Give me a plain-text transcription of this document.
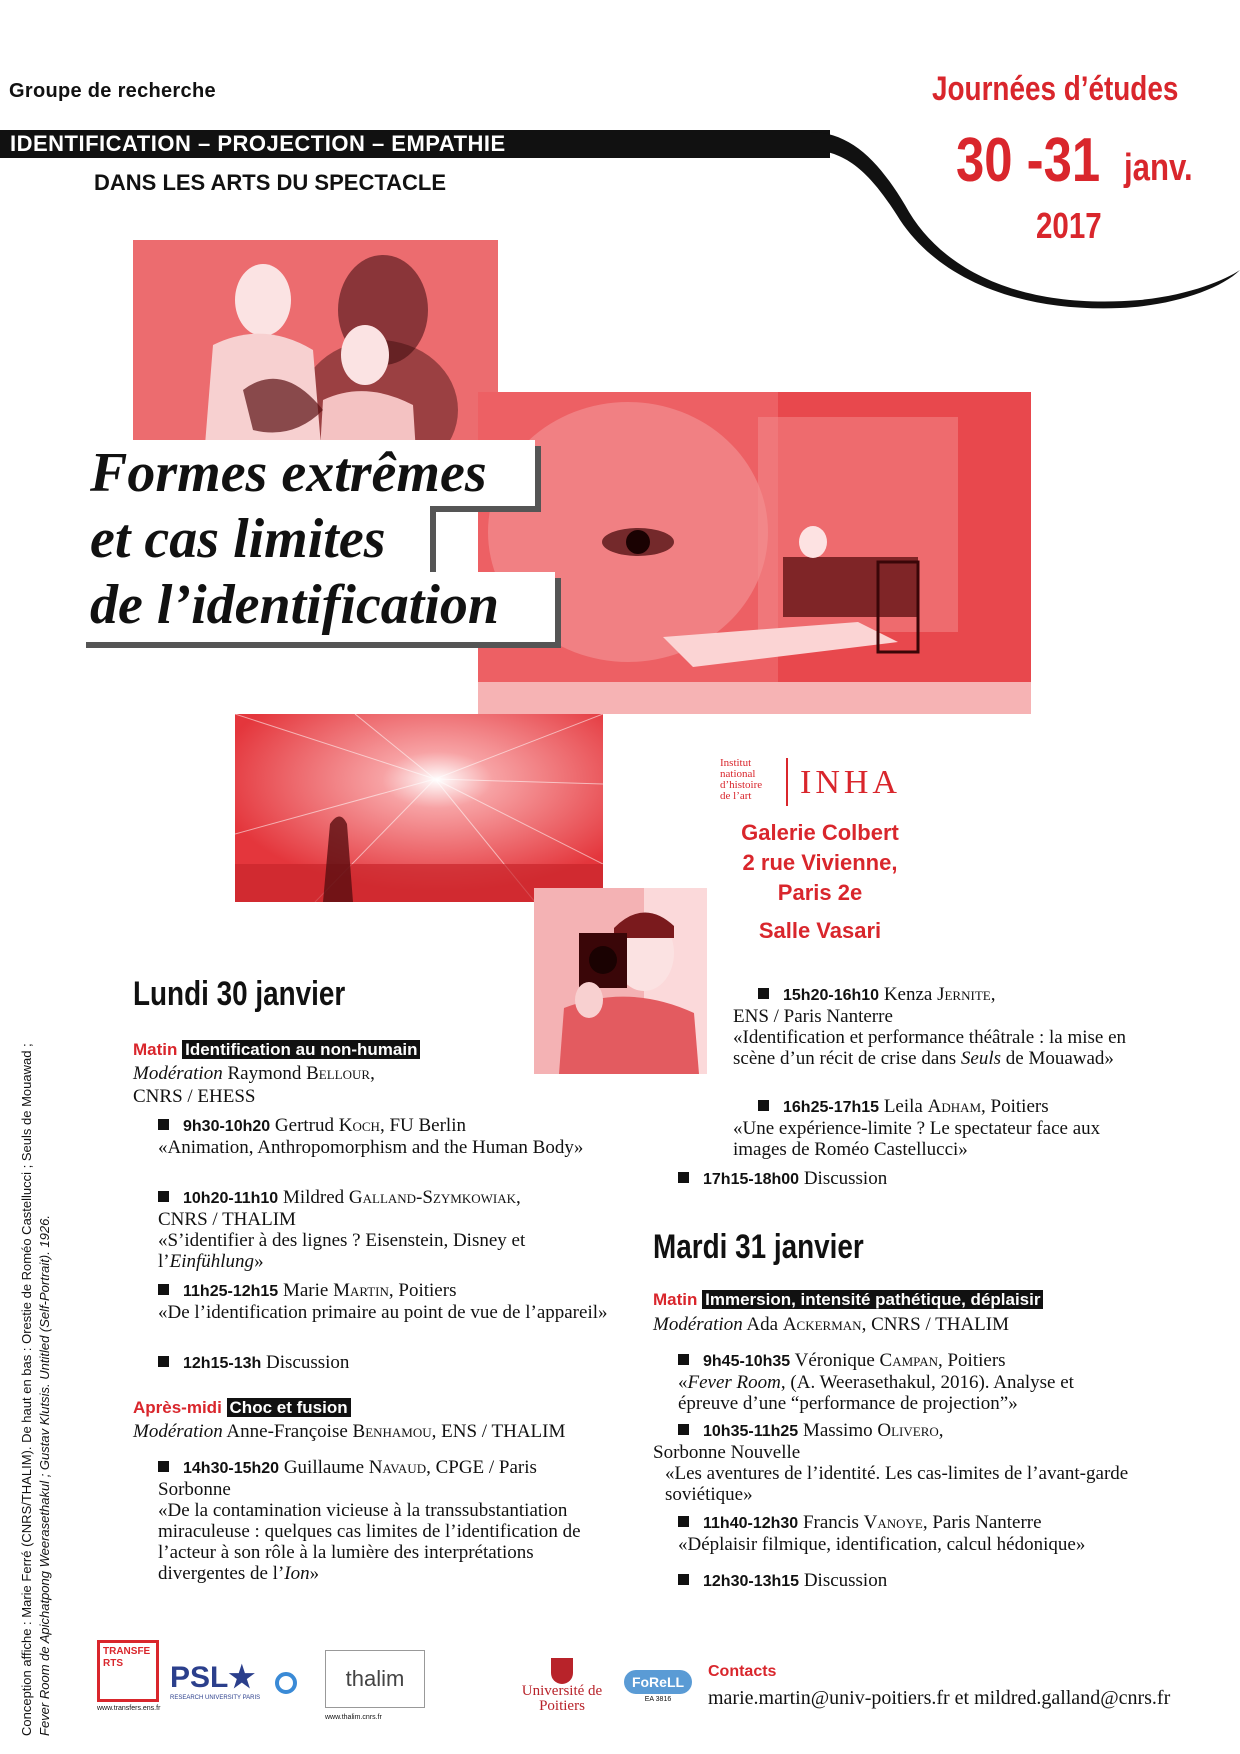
Groupe de recherche
IDENTIFICATION – PROJECTION – EMPATHIE
DANS LES ARTS DU SPECTACLE
Journées d’études
30 -31 janv.
2017
Formes extrêmes
et cas limites
de l’identification
Institut
national
d’histoire
de l’art	INHA
Galerie Colbert
2 rue Vivienne,
Paris 2e
Salle Vasari
Lundi 30 janvier
Matin Identification au non-humain
Modération Raymond Bellour,
CNRS / EHESS
9h30-10h20 Gertrud Koch, FU Berlin
«Animation, Anthropomorphism and the Human Body»
10h20-11h10 Mildred Galland-Szymkowiak,
CNRS / THALIM
«S’identifier à des lignes ? Eisenstein, Disney et l’Einfühlung»
11h25-12h15 Marie Martin, Poitiers
«De l’identification primaire au point de vue de l’appareil»
12h15-13h Discussion
Après-midi Choc et fusion
Modération Anne-Françoise Benhamou, ENS / THALIM
14h30-15h20 Guillaume Navaud, CPGE / Paris Sorbonne
«De la contamination vicieuse à la transsubstantiation miraculeuse : quelques cas limites de l’identification de l’acteur à son rôle à la lumière des interprétations divergentes de l’Ion»
15h20-16h10 Kenza Jernite,
ENS / Paris Nanterre
«Identification et performance théâtrale : la mise en scène d’un récit de crise dans Seuls de Mouawad»
16h25-17h15 Leila Adham, Poitiers
«Une expérience-limite ? Le spectateur face aux images de Roméo Castellucci»
17h15-18h00 Discussion
Mardi 31 janvier
Matin Immersion, intensité pathétique, déplaisir
Modération Ada Ackerman, CNRS / THALIM
9h45-10h35 Véronique Campan, Poitiers
«Fever Room, (A. Weerasethakul, 2016). Analyse et épreuve d’une “performance de projection”»
10h35-11h25 Massimo Olivero,
Sorbonne Nouvelle
«Les aventures de l’identité. Les cas-limites de l’avant-garde soviétique»
11h40-12h30 Francis Vanoye, Paris Nanterre
«Déplaisir filmique, identification, calcul hédonique»
12h30-13h15 Discussion
Conception affiche : Marie Ferré (CNRS/THALIM). De haut en bas : Orestie de Roméo Castellucci ; Seuls de Mouawad ; Fever Room de Apichatpong Weerasethakul ; Gustav Klutsis. Untitled (Self-Portrait). 1926.	TRANSFERTS
www.transfers.ens.fr
PSL★
RESEARCH UNIVERSITY PARIS
thalim
www.thalim.cnrs.fr
Université de Poitiers
FoReLL
EA 3816
Contacts
marie.martin@univ-poitiers.fr et mildred.galland@cnrs.fr
